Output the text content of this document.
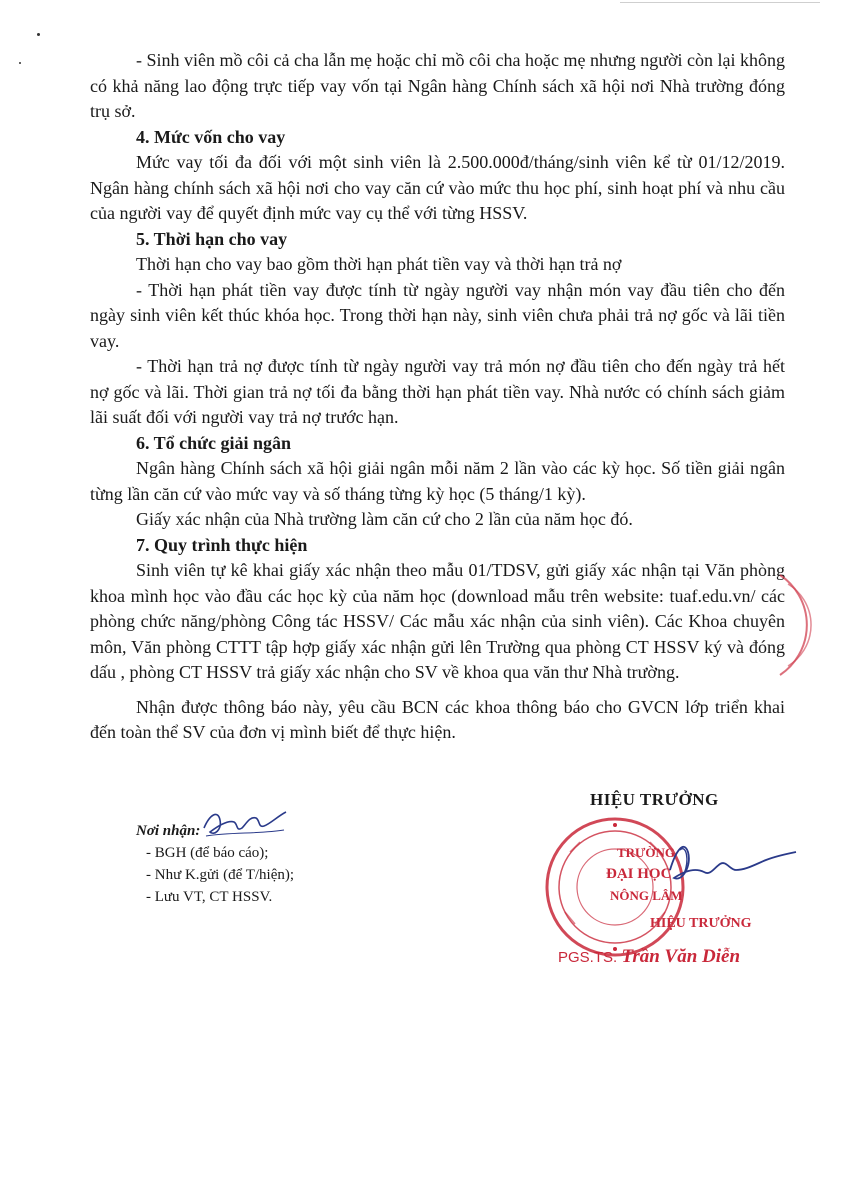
- Sinh viên mồ côi cả cha lẫn mẹ hoặc chỉ mồ côi cha hoặc mẹ nhưng người còn lại không có khả năng lao động trực tiếp vay vốn tại Ngân hàng Chính sách xã hội nơi Nhà trường đóng trụ sở.

4. Mức vốn cho vay

Mức vay tối đa đối với một sinh viên là 2.500.000đ/tháng/sinh viên kể từ 01/12/2019. Ngân hàng chính sách xã hội nơi cho vay căn cứ vào mức thu học phí, sinh hoạt phí và nhu cầu của người vay để quyết định mức vay cụ thể với từng HSSV.

5. Thời hạn cho vay

Thời hạn cho vay bao gồm thời hạn phát tiền vay và thời hạn trả nợ

- Thời hạn phát tiền vay được tính từ ngày người vay nhận món vay đầu tiên cho đến ngày sinh viên kết thúc khóa học. Trong thời hạn này, sinh viên chưa phải trả nợ gốc và lãi tiền vay.

- Thời hạn trả nợ được tính từ ngày người vay trả món nợ đầu tiên cho đến ngày trả hết nợ gốc và lãi. Thời gian trả nợ tối đa bằng thời hạn phát tiền vay. Nhà nước có chính sách giảm lãi suất đối với người vay trả nợ trước hạn.

6. Tổ chức giải ngân

Ngân hàng Chính sách xã hội giải ngân mỗi năm 2 lần vào các kỳ học. Số tiền giải ngân từng lần căn cứ vào mức vay và số tháng từng kỳ học (5 tháng/1 kỳ).

Giấy xác nhận của Nhà trường làm căn cứ cho 2 lần của năm học đó.

7. Quy trình thực hiện

Sinh viên tự kê khai giấy xác nhận theo mẫu 01/TDSV, gửi giấy xác nhận tại Văn phòng khoa mình học vào đầu các học kỳ của năm học (download mẫu trên website: tuaf.edu.vn/ các phòng chức năng/phòng Công tác HSSV/ Các mẫu xác nhận của sinh viên). Các Khoa chuyên môn, Văn phòng CTTT tập hợp giấy xác nhận gửi lên Trường qua phòng CT HSSV ký và đóng dấu , phòng CT HSSV trả giấy xác nhận cho SV về khoa qua văn thư Nhà trường.

Nhận được thông báo này, yêu cầu BCN các khoa thông báo cho GVCN lớp triển khai đến toàn thể SV của đơn vị mình biết để thực hiện.

Nơi nhận:
- BGH (để báo cáo);
- Như K.gửi (để T/hiện);
- Lưu VT, CT HSSV.
HIỆU TRƯỞNG
TRƯỜNG
ĐẠI HỌC
NÔNG LÂM
HIỆU TRƯỞNG
PGS.TS. Trần Văn Diễn
